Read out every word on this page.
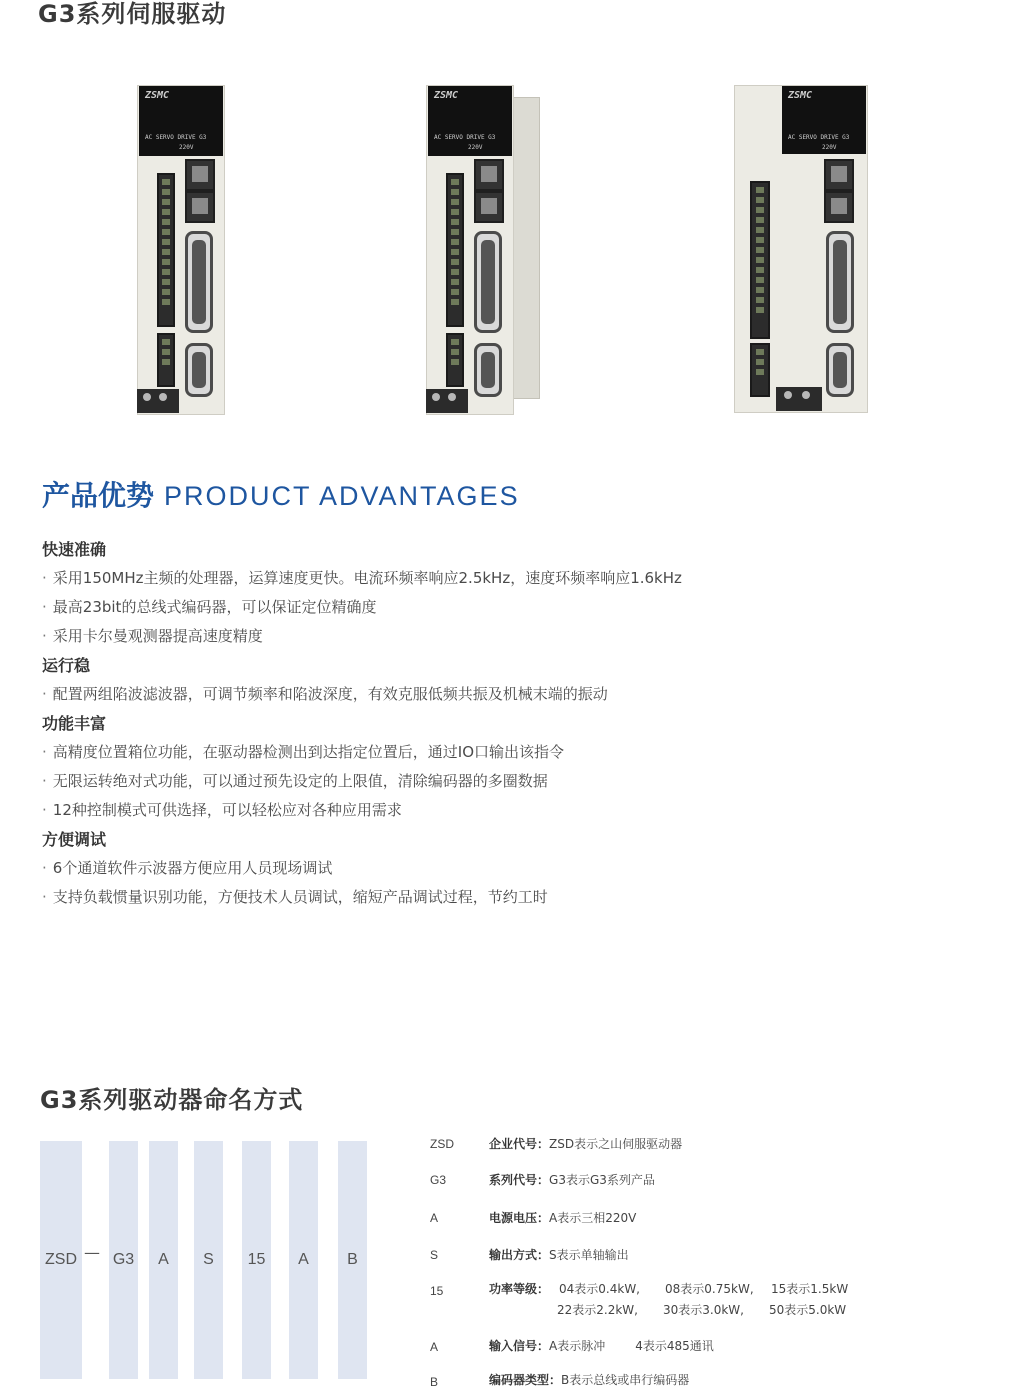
G3系列伺服驱动
ZSMC
AC SERVO DRIVE G3
220V
ZSMC
AC SERVO DRIVE G3
220V
ZSMC
AC SERVO DRIVE G3
220V
产品优势 PRODUCT ADVANTAGES
快速准确
· 采用150MHz主频的处理器，运算速度更快。电流环频率响应2.5kHz，速度环频率响应1.6kHz
· 最高23bit的总线式编码器，可以保证定位精确度
· 采用卡尔曼观测器提高速度精度
运行稳
· 配置两组陷波滤波器，可调节频率和陷波深度，有效克服低频共振及机械末端的振动
功能丰富
· 高精度位置箱位功能，在驱动器检测出到达指定位置后，通过IO口输出该指令
· 无限运转绝对式功能，可以通过预先设定的上限值，清除编码器的多圈数据
· 12种控制模式可供选择，可以轻松应对各种应用需求
方便调试
· 6个通道软件示波器方便应用人员现场调试
· 支持负载惯量识别功能，方便技术人员调试，缩短产品调试过程，节约工时
G3系列驱动器命名方式
ZSD — G3 A S 15 A B
ZSD	企业代号：ZSD表示之山伺服驱动器
G3	系列代号：G3表示G3系列产品
A	电源电压：A表示三相220V
S	输出方式：S表示单轴输出
15	功率等级： 04表示0.4kW, 08表示0.75kW, 15表示1.5kW
22表示2.2kW, 30表示3.0kW, 50表示5.0kW
A	输入信号：A表示脉冲	4表示485通讯
B	编码器类型：B表示总线或串行编码器
